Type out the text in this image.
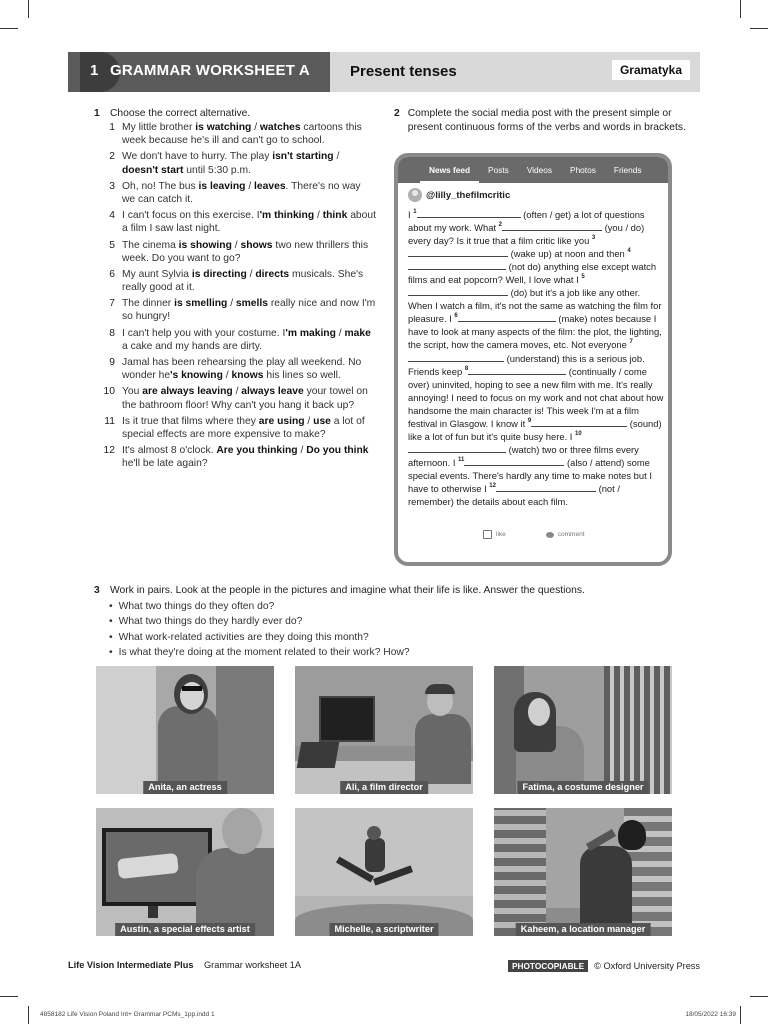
1 GRAMMAR WORKSHEET A	Present tenses	Gramatyka
1 Choose the correct alternative.
1 My little brother is watching / watches cartoons this week because he's ill and can't go to school.
2 We don't have to hurry. The play isn't starting / doesn't start until 5:30 p.m.
3 Oh, no! The bus is leaving / leaves. There's no way we can catch it.
4 I can't focus on this exercise. I'm thinking / think about a film I saw last night.
5 The cinema is showing / shows two new thrillers this week. Do you want to go?
6 My aunt Sylvia is directing / directs musicals. She's really good at it.
7 The dinner is smelling / smells really nice and now I'm so hungry!
8 I can't help you with your costume. I'm making / make a cake and my hands are dirty.
9 Jamal has been rehearsing the play all weekend. No wonder he's knowing / knows his lines so well.
10 You are always leaving / always leave your towel on the bathroom floor! Why can't you hang it back up?
11 Is it true that films where they are using / use a lot of special effects are more expensive to make?
12 It's almost 8 o'clock. Are you thinking / Do you think he'll be late again?
2 Complete the social media post with the present simple or present continuous forms of the verbs and words in brackets.
News feed	Posts	Videos	Photos	Friends
@lilly_thefilmcritic
I $^1$	(often / get) a lot of questions about my work. What $^2$	(you / do) every day? Is it true that a film critic like you $^3$ (wake up) at noon and then $^4$ (not do) anything else except watch films and eat popcorn? Well, I love what I $^5$ (do) but it's a job like any other. When I watch a film, it's not the same as watching the film for pleasure. I $^6$	(make) notes because I have to look at many aspects of the film: the plot, the lighting, the script, how the camera moves, etc. Not everyone $^7$ (understand) this is a serious job. Friends keep $^8$	(continually / come over) uninvited, hoping to see a new film with me. It's really annoying! I need to focus on my work and not chat about how handsome the main character is! This week I'm at a film festival in Glasgow. I know it $^9$	(sound) like a lot of fun but it's quite busy here. I $^{10}$ (watch) two or three films every afternoon. I $^{11}$	(also / attend) some special events. There's hardly any time to make notes but I have to otherwise I $^{12}$	(not / remember) the details about each film.
like	comment
3 Work in pairs. Look at the people in the pictures and imagine what their life is like. Answer the questions.
• What two things do they often do?
• What two things do they hardly ever do?
• What work-related activities are they doing this month?
• Is what they're doing at the moment related to their work? How?
Anita, an actress	Ali, a film director	Fatima, a costume designer
Austin, a special effects artist	Michelle, a scriptwriter	Kaheem, a location manager
Life Vision Intermediate Plus Grammar worksheet 1A	PHOTOCOPIABLE	© Oxford University Press
4858182 Life Vision Poland Int+ Grammar PCMs_1pp.indd 1	18/05/2022 16:39
